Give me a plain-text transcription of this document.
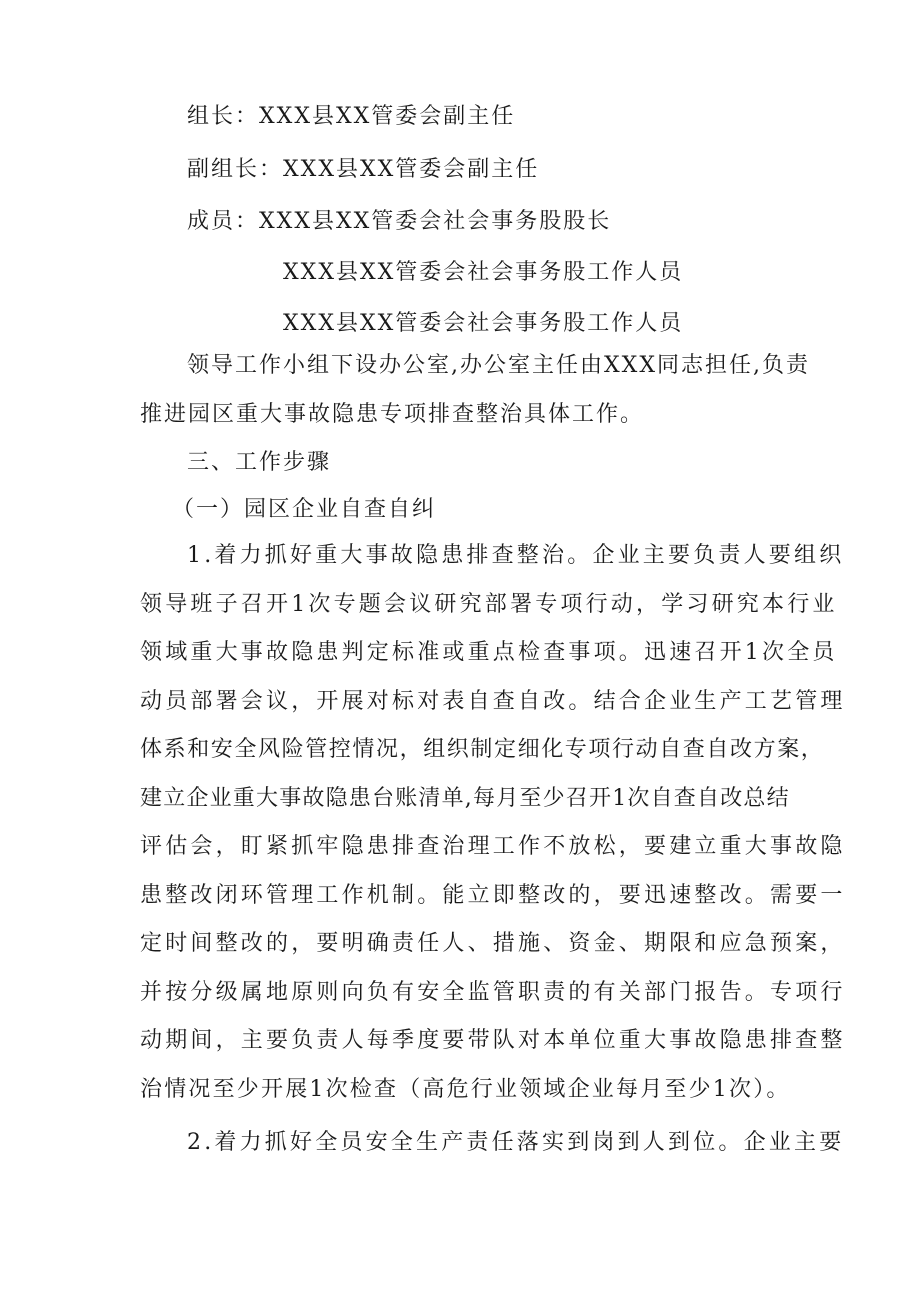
组长：XXX县XX管委会副主任
副组长：XXX县XX管委会副主任
成员：XXX县XX管委会社会事务股股长
XXX县XX管委会社会事务股工作人员
XXX县XX管委会社会事务股工作人员
领导工作小组下设办公室,办公室主任由XXX同志担任,负责
推进园区重大事故隐患专项排查整治具体工作。
三、工作步骤
（一）园区企业自查自纠
1.着力抓好重大事故隐患排查整治。企业主要负责人要组织
领导班子召开1次专题会议研究部署专项行动，学习研究本行业
领域重大事故隐患判定标准或重点检查事项。迅速召开1次全员
动员部署会议，开展对标对表自查自改。结合企业生产工艺管理
体系和安全风险管控情况，组织制定细化专项行动自查自改方案，
建立企业重大事故隐患台账清单,每月至少召开1次自查自改总结
评估会，盯紧抓牢隐患排查治理工作不放松，要建立重大事故隐
患整改闭环管理工作机制。能立即整改的，要迅速整改。需要一
定时间整改的，要明确责任人、措施、资金、期限和应急预案，
并按分级属地原则向负有安全监管职责的有关部门报告。专项行
动期间，主要负责人每季度要带队对本单位重大事故隐患排查整
治情况至少开展1次检查（高危行业领域企业每月至少1次）。
2.着力抓好全员安全生产责任落实到岗到人到位。企业主要
